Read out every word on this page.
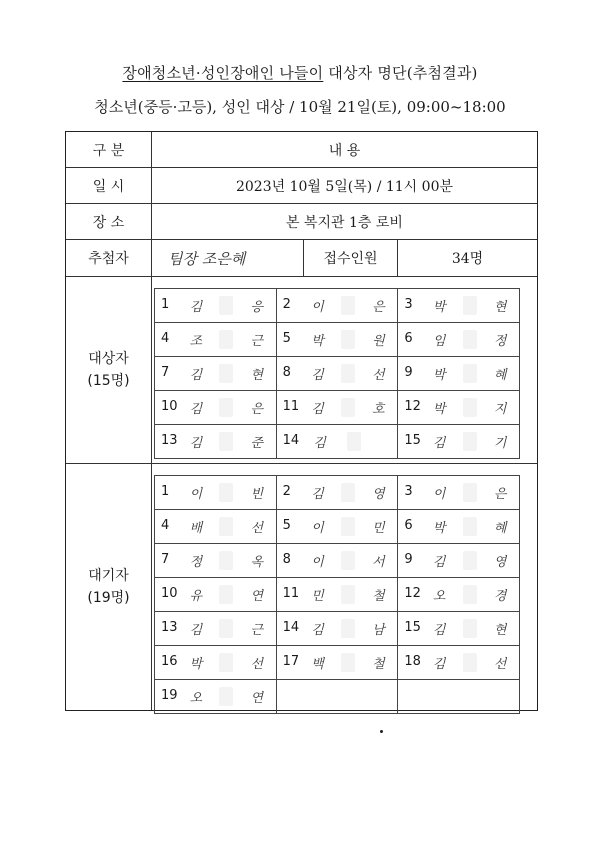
장애청소년·성인장애인 나들이 대상자 명단(추첨결과)
청소년(중등·고등), 성인 대상 / 10월 21일(토), 09:00~18:00
구 분	내 용
일 시	2023년 10월 5일(목) / 11시 00분
장 소	본 복지관 1층 로비
추첨자	팀장 조은혜	접수인원	34명
대상자
(15명)
1 김 응	2 이 은	3 박 현

4 조 근	5 박 원	6 임 정

7 김 현	8 김 선	9 박 혜

10 김 은	11 김 호	12 박 지

13 김 준	14 김	15 김 기
대기자
(19명)
1 이 빈	2 김 영	3 이 은

4 배 선	5 이 민	6 박 혜

7 정 옥	8 이 서	9 김 영

10 유 연	11 민 철	12 오 경

13 김 근	14 김 남	15 김 현

16 박 선	17 백 철	18 김 선

19 오 연		
